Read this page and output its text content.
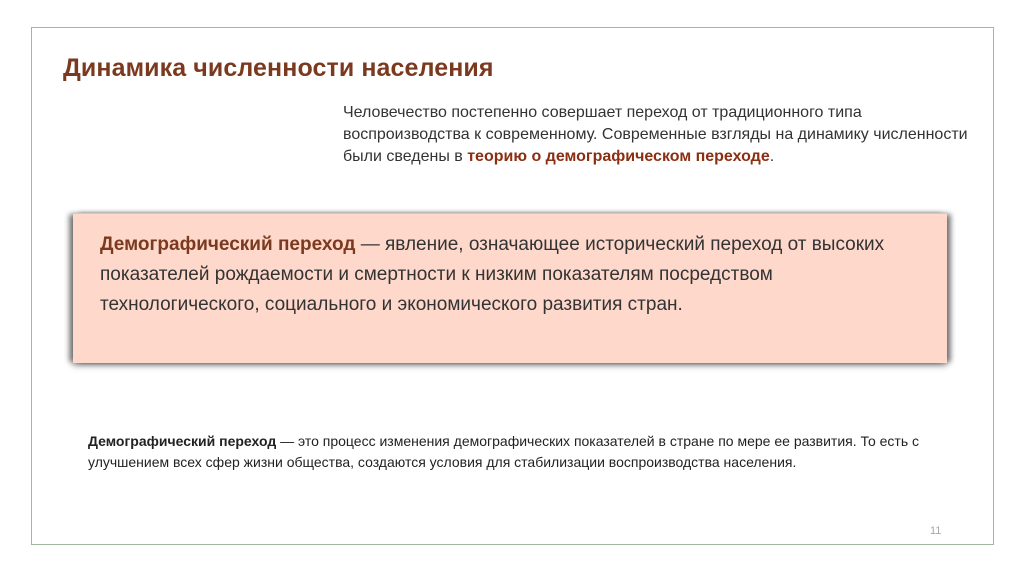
Динамика численности населения

Человечество постепенно совершает переход от традиционного типа воспроизводства к современному. Современные взгляды на динамику численности были сведены в теорию о демографическом переходе.

Демографический переход — явление, означающее исторический переход от высоких показателей рождаемости и смертности к низким показателям посредством технологического, социального и экономического развития стран.

Демографический переход — это процесс изменения демографических показателей в стране по мере ее развития. То есть с улучшением всех сфер жизни общества, создаются условия для стабилизации воспроизводства населения.

11
